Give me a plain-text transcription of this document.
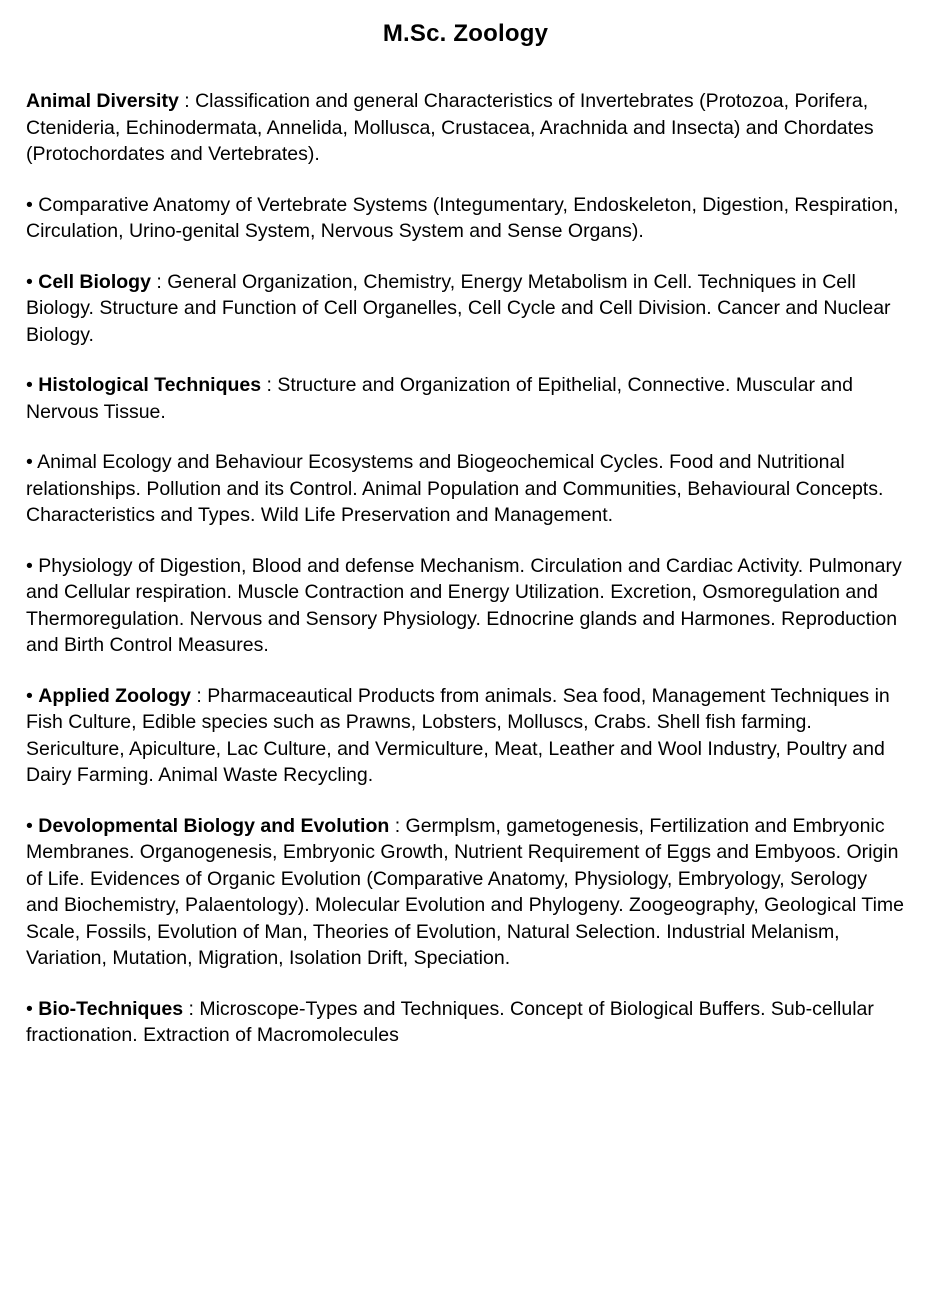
M.Sc. Zoology

Animal Diversity : Classification and general Characteristics of Invertebrates (Protozoa, Porifera, Ctenideria, Echinodermata, Annelida, Mollusca, Crustacea, Arachnida and Insecta) and Chordates (Protochordates and Vertebrates).

• Comparative Anatomy of Vertebrate Systems (Integumentary, Endoskeleton, Digestion, Respiration, Circulation, Urino-genital System, Nervous System and Sense Organs).

• Cell Biology : General Organization, Chemistry, Energy Metabolism in Cell. Techniques in Cell Biology. Structure and Function of Cell Organelles, Cell Cycle and Cell Division. Cancer and Nuclear Biology.

• Histological Techniques : Structure and Organization of Epithelial, Connective. Muscular and Nervous Tissue.

• Animal Ecology and Behaviour Ecosystems and Biogeochemical Cycles. Food and Nutritional relationships. Pollution and its Control. Animal Population and Communities, Behavioural Concepts. Characteristics and Types. Wild Life Preservation and Management.

• Physiology of Digestion, Blood and defense Mechanism. Circulation and Cardiac Activity. Pulmonary and Cellular respiration. Muscle Contraction and Energy Utilization. Excretion, Osmoregulation and Thermoregulation. Nervous and Sensory Physiology. Ednocrine glands and Harmones. Reproduction and Birth Control Measures.

• Applied Zoology : Pharmaceautical Products from animals. Sea food, Management Techniques in Fish Culture, Edible species such as Prawns, Lobsters, Molluscs, Crabs. Shell fish farming. Sericulture, Apiculture, Lac Culture, and Vermiculture, Meat, Leather and Wool Industry, Poultry and Dairy Farming. Animal Waste Recycling.

• Devolopmental Biology and Evolution : Germplsm, gametogenesis, Fertilization and Embryonic Membranes. Organogenesis, Embryonic Growth, Nutrient Requirement of Eggs and Embyoos. Origin of Life. Evidences of Organic Evolution (Comparative Anatomy, Physiology, Embryology, Serology and Biochemistry, Palaentology). Molecular Evolution and Phylogeny. Zoogeography, Geological Time Scale, Fossils, Evolution of Man, Theories of Evolution, Natural Selection. Industrial Melanism, Variation, Mutation, Migration, Isolation Drift, Speciation.

• Bio-Techniques : Microscope-Types and Techniques. Concept of Biological Buffers. Sub-cellular fractionation. Extraction of Macromolecules
